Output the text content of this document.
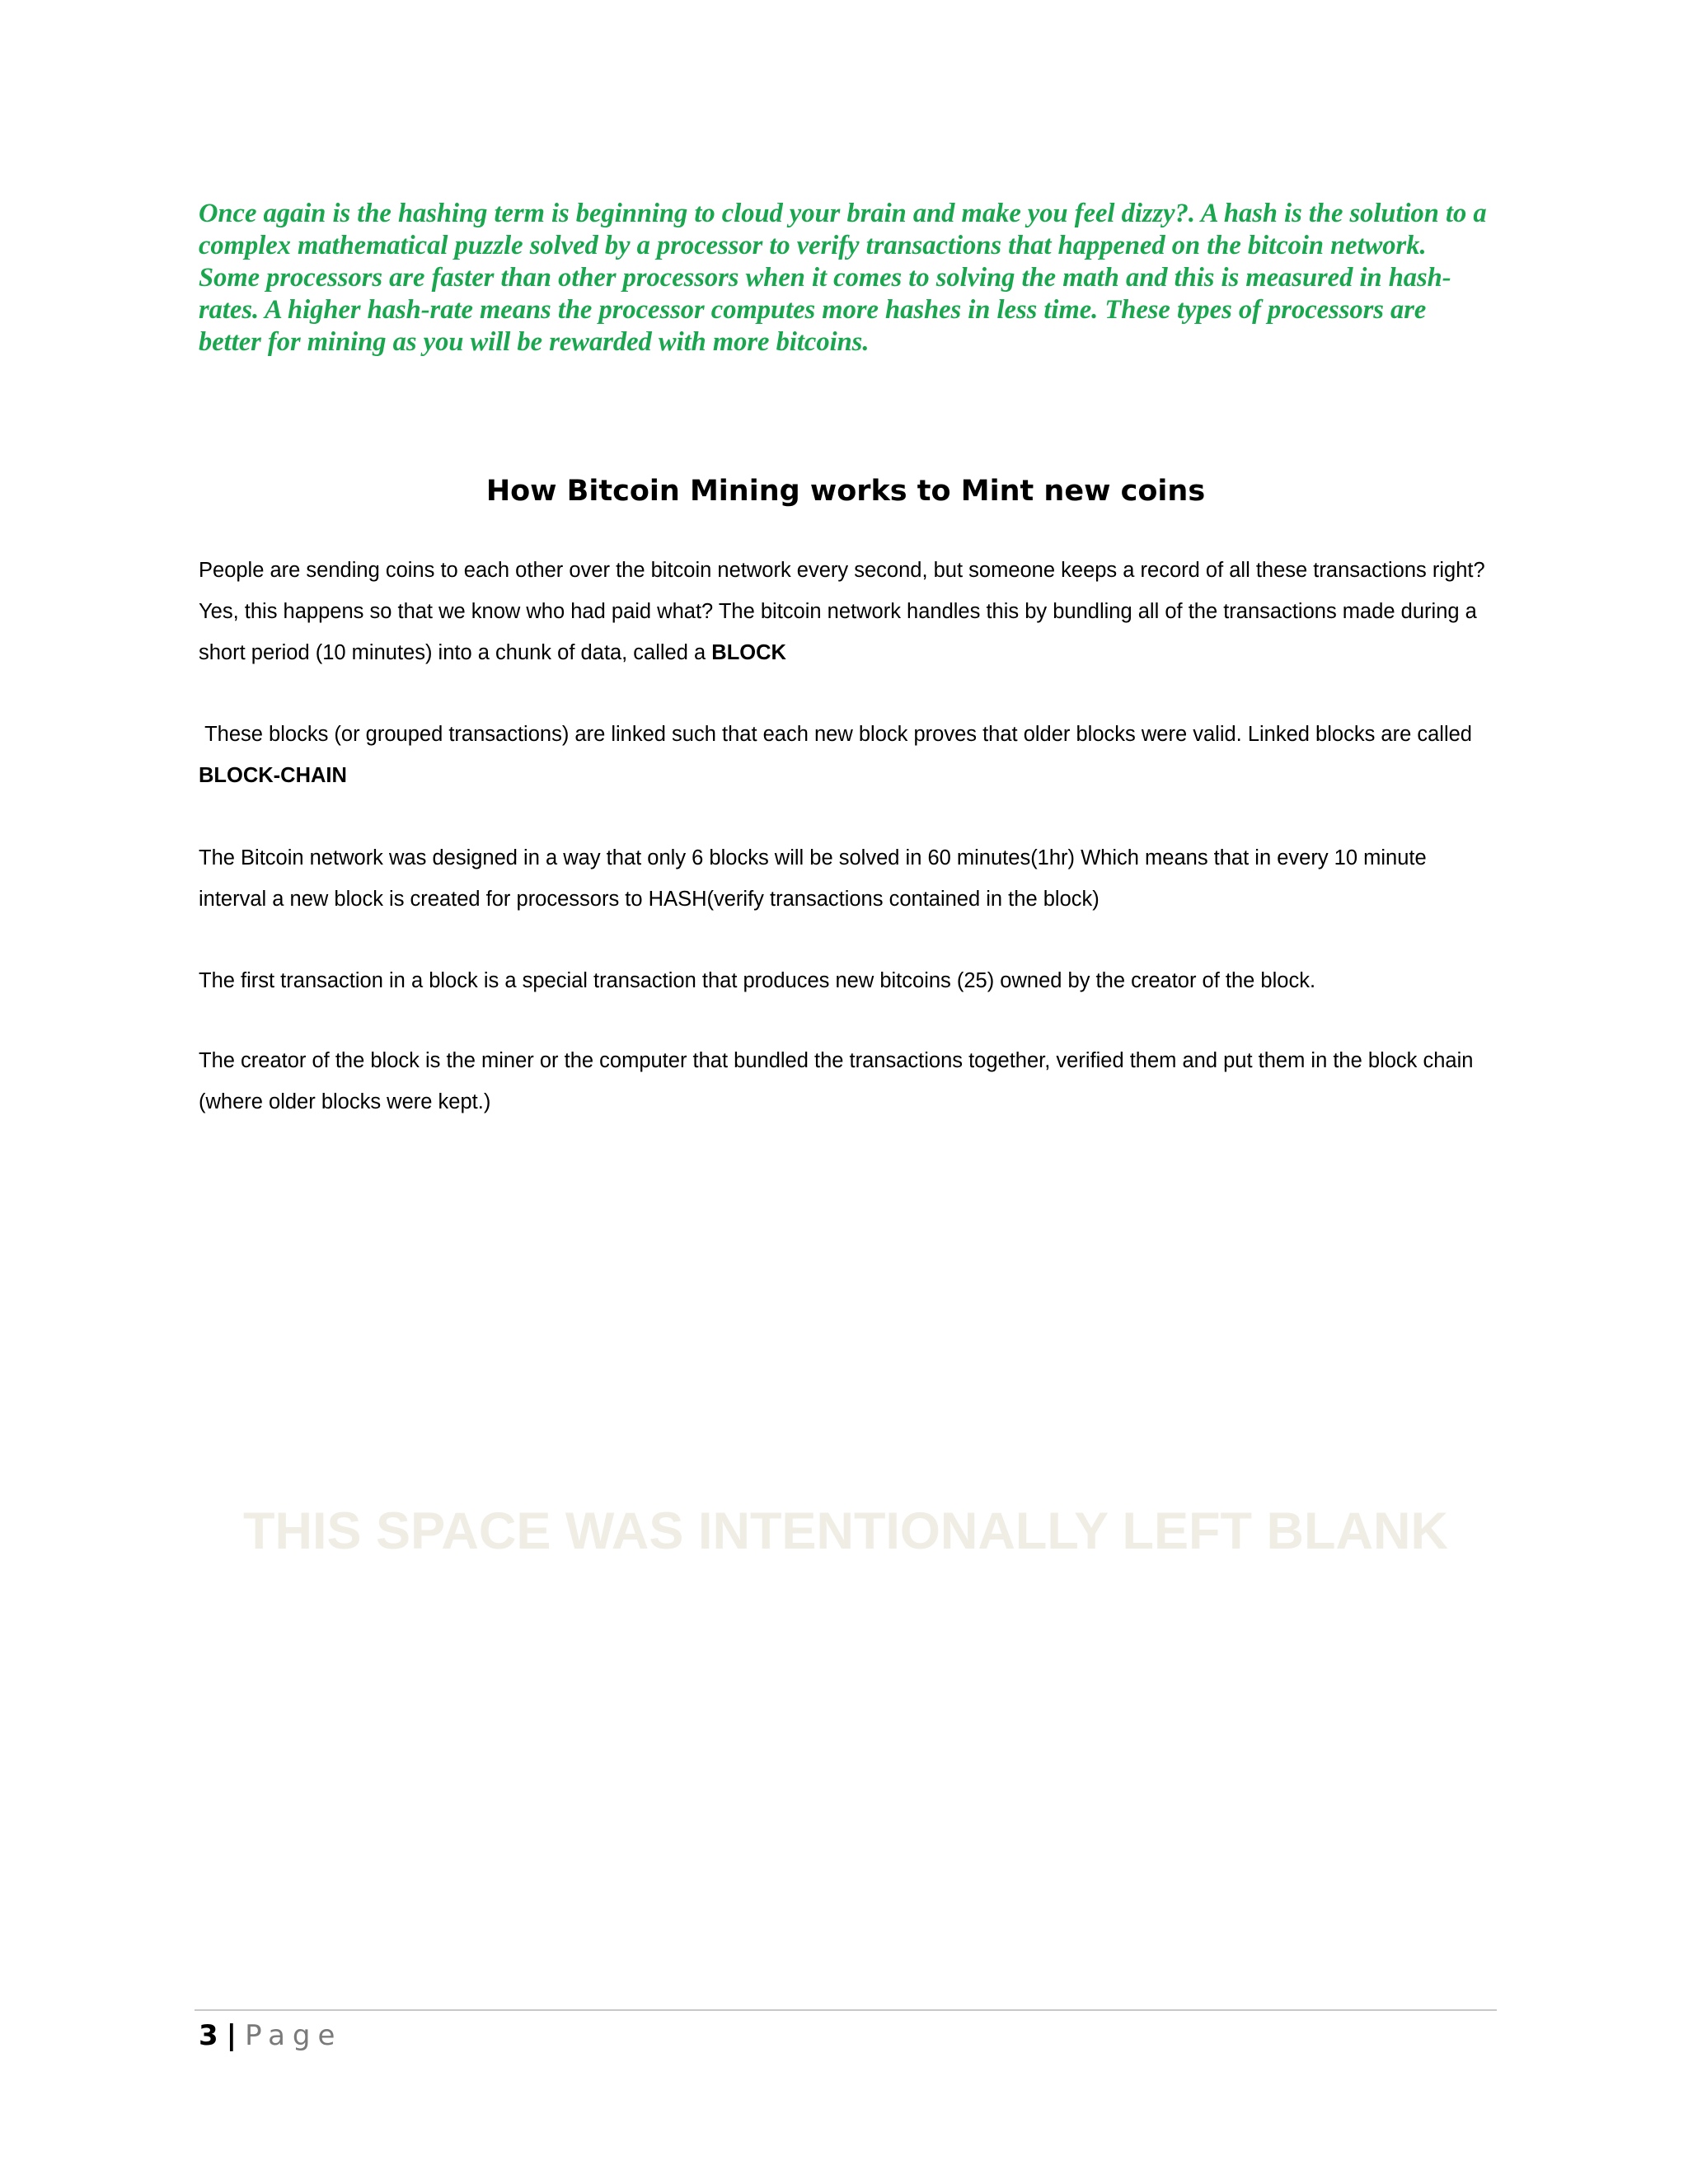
Once again is the hashing term is beginning to cloud your brain and make you feel dizzy?. A hash is the solution to a complex mathematical puzzle solved by a processor to verify transactions that happened on the bitcoin network. Some processors are faster than other processors when it comes to solving the math and this is measured in hash-rates. A higher hash-rate means the processor computes more hashes in less time. These types of processors are better for mining as you will be rewarded with more bitcoins.

How Bitcoin Mining works to Mint new coins

People are sending coins to each other over the bitcoin network every second, but someone keeps a record of all these transactions right? Yes, this happens so that we know who had paid what? The bitcoin network handles this by bundling all of the transactions made during a short period (10 minutes) into a chunk of data, called a BLOCK

These blocks (or grouped transactions) are linked such that each new block proves that older blocks were valid. Linked blocks are called BLOCK-CHAIN

The Bitcoin network was designed in a way that only 6 blocks will be solved in 60 minutes(1hr) Which means that in every 10 minute interval a new block is created for processors to HASH(verify transactions contained in the block)

The first transaction in a block is a special transaction that produces new bitcoins (25) owned by the creator of the block.

The creator of the block is the miner or the computer that bundled the transactions together, verified them and put them in the block chain (where older blocks were kept.)

THIS SPACE WAS INTENTIONALLY LEFT BLANK

3 | Page
